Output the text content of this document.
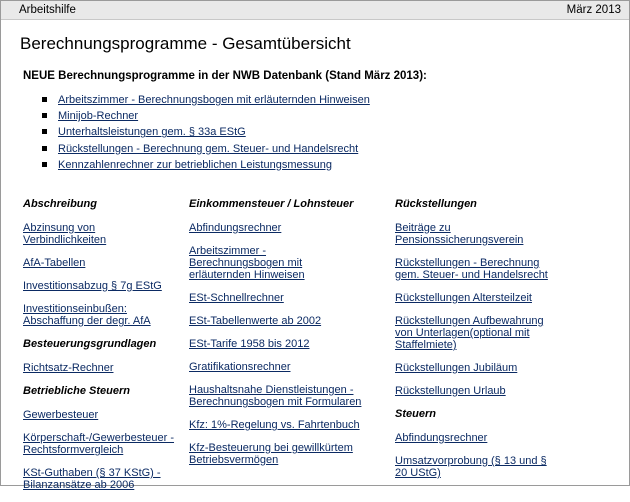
Arbeitshilfe	März 2013
Berechnungsprogramme - Gesamtübersicht
NEUE Berechnungsprogramme in der NWB Datenbank (Stand März 2013):
Arbeitszimmer - Berechnungsbogen mit erläuternden Hinweisen
Minijob-Rechner
Unterhaltsleistungen gem. § 33a EStG
Rückstellungen - Berechnung gem. Steuer- und Handelsrecht
Kennzahlenrechner zur betrieblichen Leistungsmessung
Abschreibung
Abzinsung von Verbindlichkeiten
AfA-Tabellen
Investitionsabzug § 7g EStG
Investitionseinbußen: Abschaffung der degr. AfA
Besteuerungsgrundlagen
Richtsatz-Rechner
Betriebliche Steuern
Gewerbesteuer
Körperschaft-/Gewerbesteuer - Rechtsformvergleich
KSt-Guthaben (§ 37 KStG) - Bilanzansätze ab 2006
Einkommensteuer / Lohnsteuer
Abfindungsrechner
Arbeitszimmer - Berechnungsbogen mit erläuternden Hinweisen
ESt-Schnellrechner
ESt-Tabellenwerte ab 2002
ESt-Tarife 1958 bis 2012
Gratifikationsrechner
Haushaltsnahe Dienstleistungen - Berechnungsbogen mit Formularen
Kfz: 1%-Regelung vs. Fahrtenbuch
Kfz-Besteuerung bei gewillkürtem Betriebsvermögen
Rückstellungen
Beiträge zu Pensionssicherungsverein
Rückstellungen - Berechnung gem. Steuer- und Handelsrecht
Rückstellungen Altersteilzeit
Rückstellungen Aufbewahrung von Unterlagen(optional mit Staffelmiete)
Rückstellungen Jubiläum
Rückstellungen Urlaub
Steuern
Abfindungsrechner
Umsatzvorprobung (§ 13 und § 20 UStG)
